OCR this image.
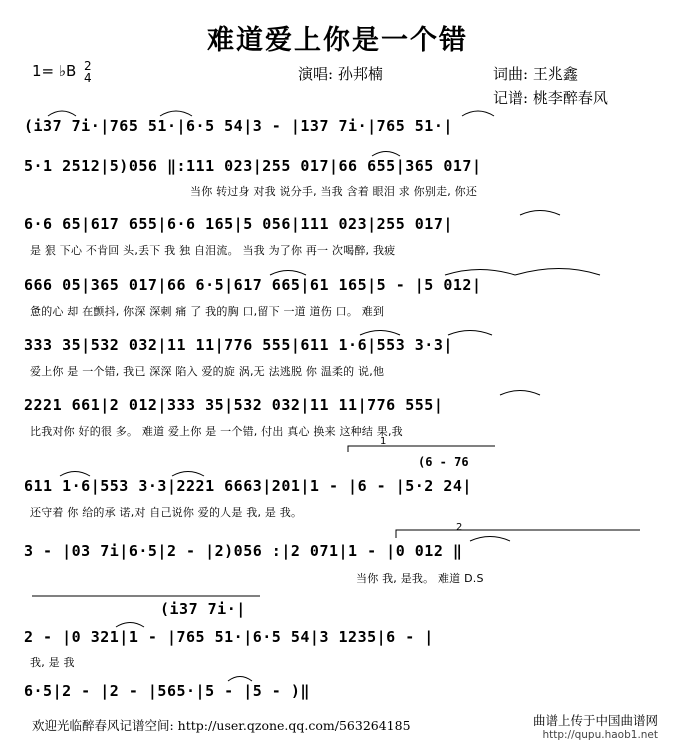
难道爱上你是一个错
1= ♭B 2
4	演唱: 孙邦楠	词曲: 王兆鑫
记谱: 桃李醉春风
(i37 7i·|765 51·|6·5 54|3 - |137 7i·|765 51·|
5·1 2512|5)056 ‖:111 023|255 017|66 655|365 017|
当你 转过身 对我 说分手, 当我 含着 眼泪 求 你别走, 你还
6·6 65|617 655|6·6 165|5 056|111 023|255 017|
是 狠 下心 不肯回 头,丢下 我 独 自泪流。 当我 为了你 再一 次喝醉, 我疲
666 05|365 017|66 6·5|617 665|61 165|5 - |5 012|
惫的心 却 在颤抖, 你深 深刺 痛 了 我的胸 口,留下 一道 道伤 口。 难到
333 35|532 032|11 11|776 555|611 1·6|553 3·3|
爱上你 是 一个错, 我已 深深 陷入 爱的旋 涡,无 法逃脱 你 温柔的 说,他
2221 661|2 012|333 35|532 032|11 11|776 555|
比我对你 好的很 多。 难道 爱上你 是 一个错, 付出 真心 换来 这种结 果,我
(6 - 76
1
611 1·6|553 3·3|2221 6663|201|1 - |6 - |5·2 24|
还守着 你 给的承 诺,对 自己说你 爱的人是 我, 是 我。
2
3 - |03 7i|6·5|2 - |2)056 :|2 071|1 - |0 012 ‖
当你 我, 是我。 难道 D.S
(i37 7i·|
2 - |0 321|1 - |765 51·|6·5 54|3 1235|6 - |
我, 是 我
6·5|2 - |2 - |565·|5 - |5 - )‖
欢迎光临醉春风记谱空间: http://user.qzone.qq.com/563264185	曲谱上传于中国曲谱网
http://qupu.haob1.net
